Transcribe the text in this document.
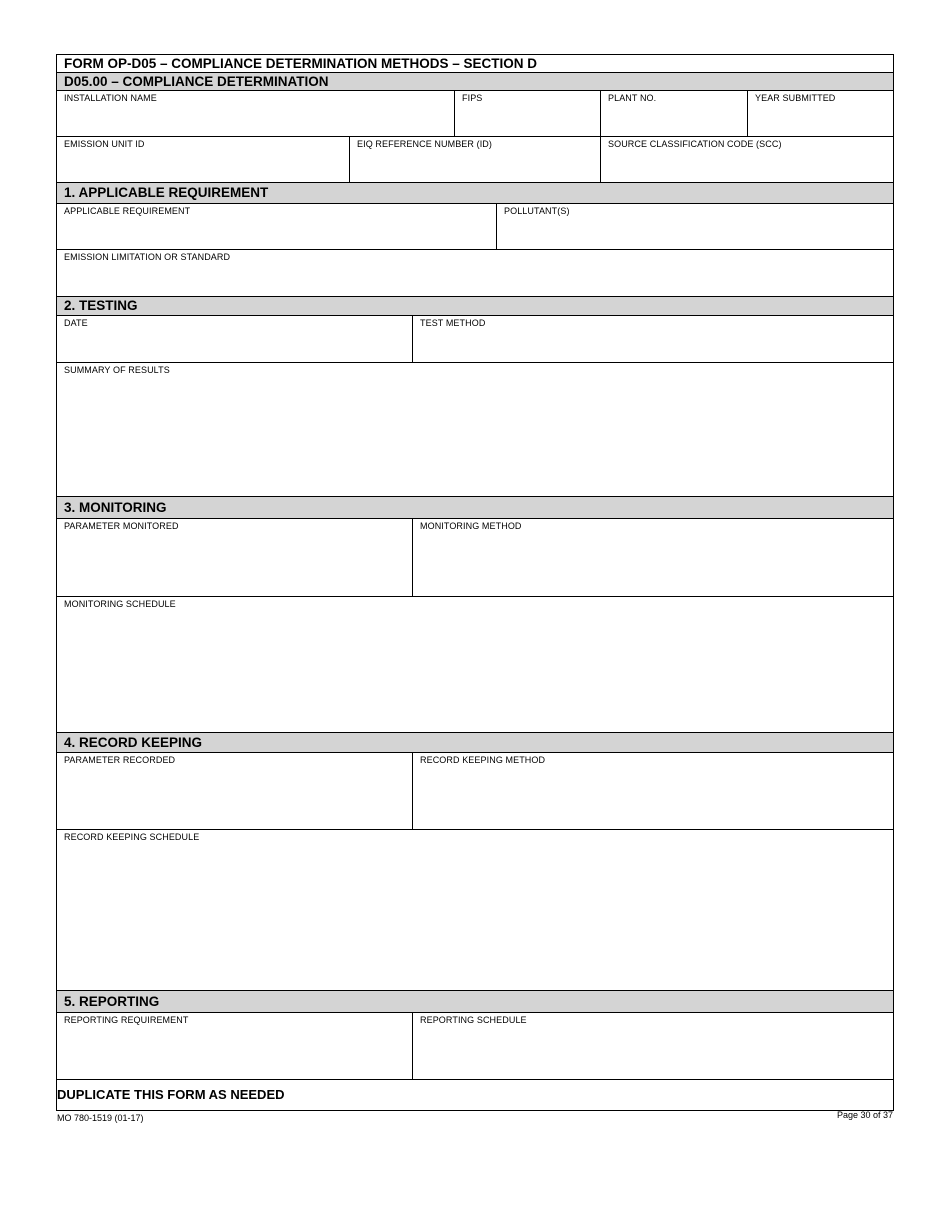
FORM OP-D05 – COMPLIANCE DETERMINATION METHODS – SECTION D
D05.00 – COMPLIANCE DETERMINATION
INSTALLATION NAME	FIPS	PLANT NO.	YEAR SUBMITTED
EMISSION UNIT ID	EIQ REFERENCE NUMBER (ID)	SOURCE CLASSIFICATION CODE (SCC)
1. APPLICABLE REQUIREMENT
APPLICABLE REQUIREMENT	POLLUTANT(S)
EMISSION LIMITATION OR STANDARD
2. TESTING
DATE	TEST METHOD
SUMMARY OF RESULTS
3. MONITORING
PARAMETER MONITORED	MONITORING METHOD
MONITORING SCHEDULE
4. RECORD KEEPING
PARAMETER RECORDED	RECORD KEEPING METHOD
RECORD KEEPING SCHEDULE
5. REPORTING
REPORTING REQUIREMENT	REPORTING SCHEDULE
DUPLICATE THIS FORM AS NEEDED
MO 780-1519 (01-17)	Page 30 of 37
